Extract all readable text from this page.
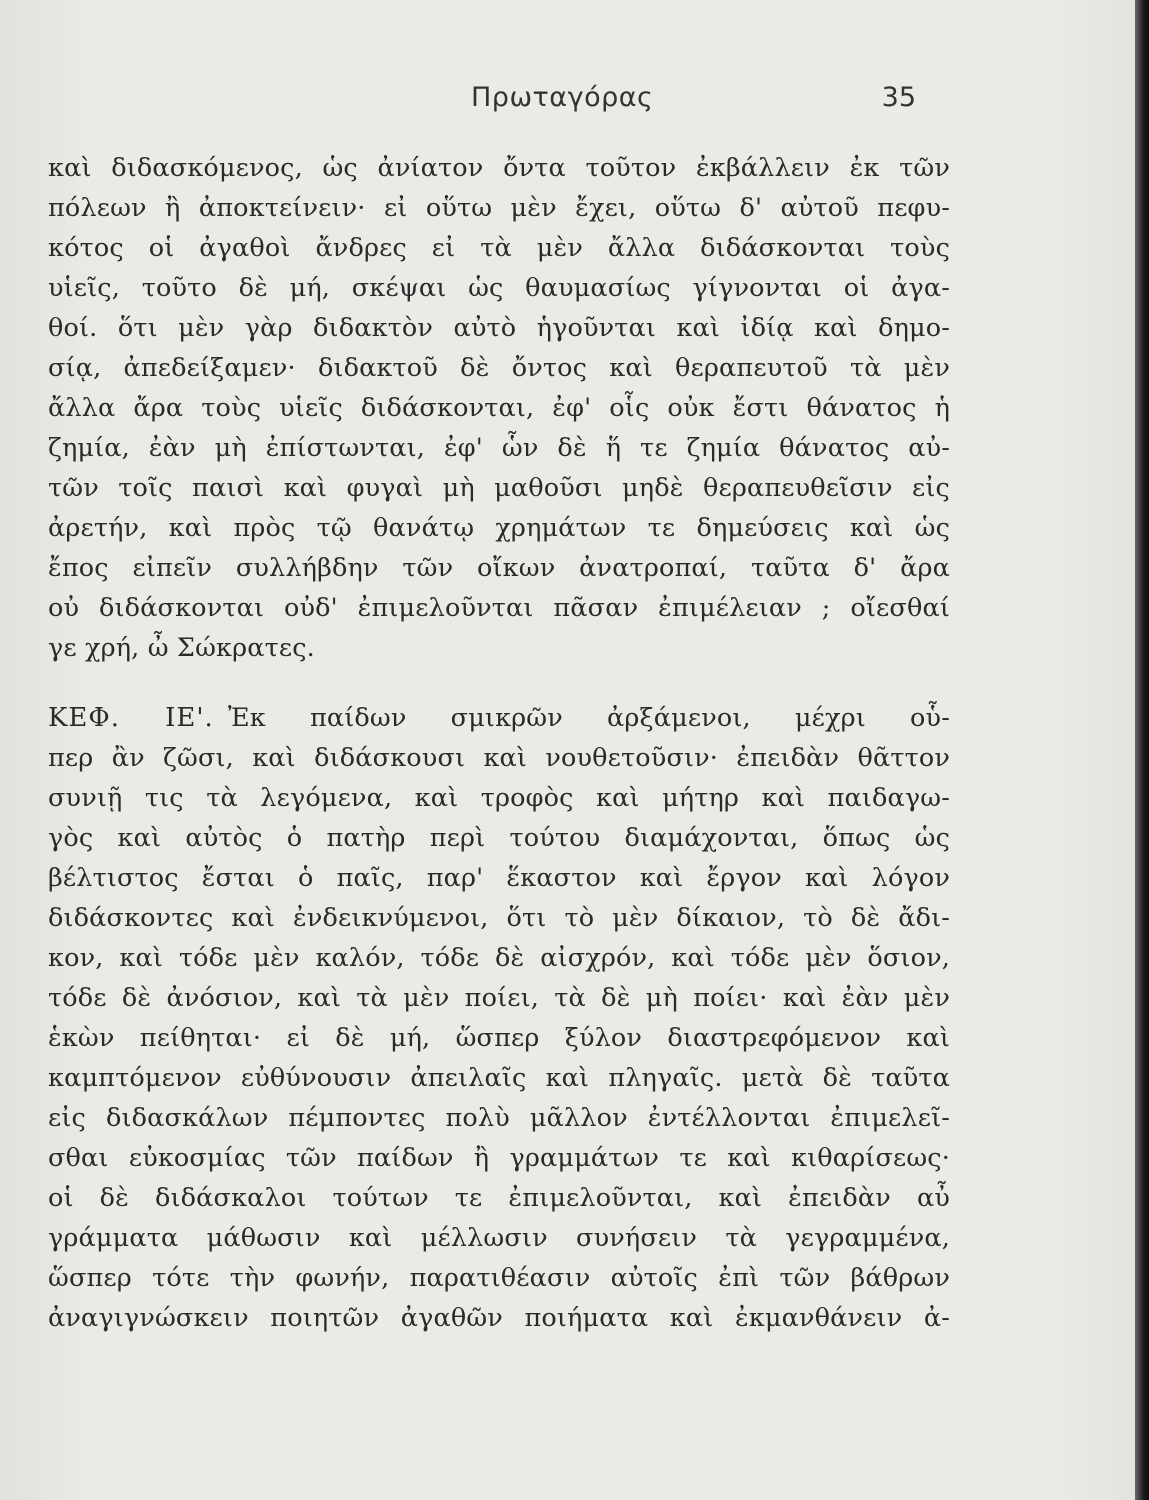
Πρωταγόρας	35
καὶ διδασκόμενος, ὡς ἀνίατον ὄντα τοῦτον ἐκβάλλειν ἐκ τῶν
πόλεων ἢ ἀποκτείνειν· εἰ οὕτω μὲν ἔχει, οὕτω δ' αὐτοῦ πεφυ-
κότος οἱ ἀγαθοὶ ἄνδρες εἰ τὰ μὲν ἄλλα διδάσκονται τοὺς
υἱεῖς, τοῦτο δὲ μή, σκέψαι ὡς θαυμασίως γίγνονται οἱ ἀγα-
θοί. ὅτι μὲν γὰρ διδακτὸν αὐτὸ ἡγοῦνται καὶ ἰδίᾳ καὶ δημο-
σίᾳ, ἀπεδείξαμεν· διδακτοῦ δὲ ὄντος καὶ θεραπευτοῦ τὰ μὲν
ἄλλα ἄρα τοὺς υἱεῖς διδάσκονται, ἐφ' οἷς οὐκ ἔστι θάνατος ἡ
ζημία, ἐὰν μὴ ἐπίστωνται, ἐφ' ὧν δὲ ἥ τε ζημία θάνατος αὐ-
τῶν τοῖς παισὶ καὶ φυγαὶ μὴ μαθοῦσι μηδὲ θεραπευθεῖσιν εἰς
ἀρετήν, καὶ πρὸς τῷ θανάτῳ χρημάτων τε δημεύσεις καὶ ὡς
ἔπος εἰπεῖν συλλήβδην τῶν οἴκων ἀνατροπαί, ταῦτα δ' ἄρα
οὐ διδάσκονται οὐδ' ἐπιμελοῦνται πᾶσαν ἐπιμέλειαν ; οἴεσθαί
γε χρή, ὦ Σώκρατες.
ΚΕΦ. ΙΕ'. Ἐκ παίδων σμικρῶν ἀρξάμενοι, μέχρι οὗ-
περ ἂν ζῶσι, καὶ διδάσκουσι καὶ νουθετοῦσιν· ἐπειδὰν θᾶττον
συνιῇ τις τὰ λεγόμενα, καὶ τροφὸς καὶ μήτηρ καὶ παιδαγω-
γὸς καὶ αὐτὸς ὁ πατὴρ περὶ τούτου διαμάχονται, ὅπως ὡς
βέλτιστος ἔσται ὁ παῖς, παρ' ἕκαστον καὶ ἔργον καὶ λόγον
διδάσκοντες καὶ ἐνδεικνύμενοι, ὅτι τὸ μὲν δίκαιον, τὸ δὲ ἄδι-
κον, καὶ τόδε μὲν καλόν, τόδε δὲ αἰσχρόν, καὶ τόδε μὲν ὅσιον,
τόδε δὲ ἀνόσιον, καὶ τὰ μὲν ποίει, τὰ δὲ μὴ ποίει· καὶ ἐὰν μὲν
ἑκὼν πείθηται· εἰ δὲ μή, ὥσπερ ξύλον διαστρεφόμενον καὶ
καμπτόμενον εὐθύνουσιν ἀπειλαῖς καὶ πληγαῖς. μετὰ δὲ ταῦτα
εἰς διδασκάλων πέμποντες πολὺ μᾶλλον ἐντέλλονται ἐπιμελεῖ-
σθαι εὐκοσμίας τῶν παίδων ἢ γραμμάτων τε καὶ κιθαρίσεως·
οἱ δὲ διδάσκαλοι τούτων τε ἐπιμελοῦνται, καὶ ἐπειδὰν αὖ
γράμματα μάθωσιν καὶ μέλλωσιν συνήσειν τὰ γεγραμμένα,
ὥσπερ τότε τὴν φωνήν, παρατιθέασιν αὐτοῖς ἐπὶ τῶν βάθρων
ἀναγιγνώσκειν ποιητῶν ἀγαθῶν ποιήματα καὶ ἐκμανθάνειν ἀ-
